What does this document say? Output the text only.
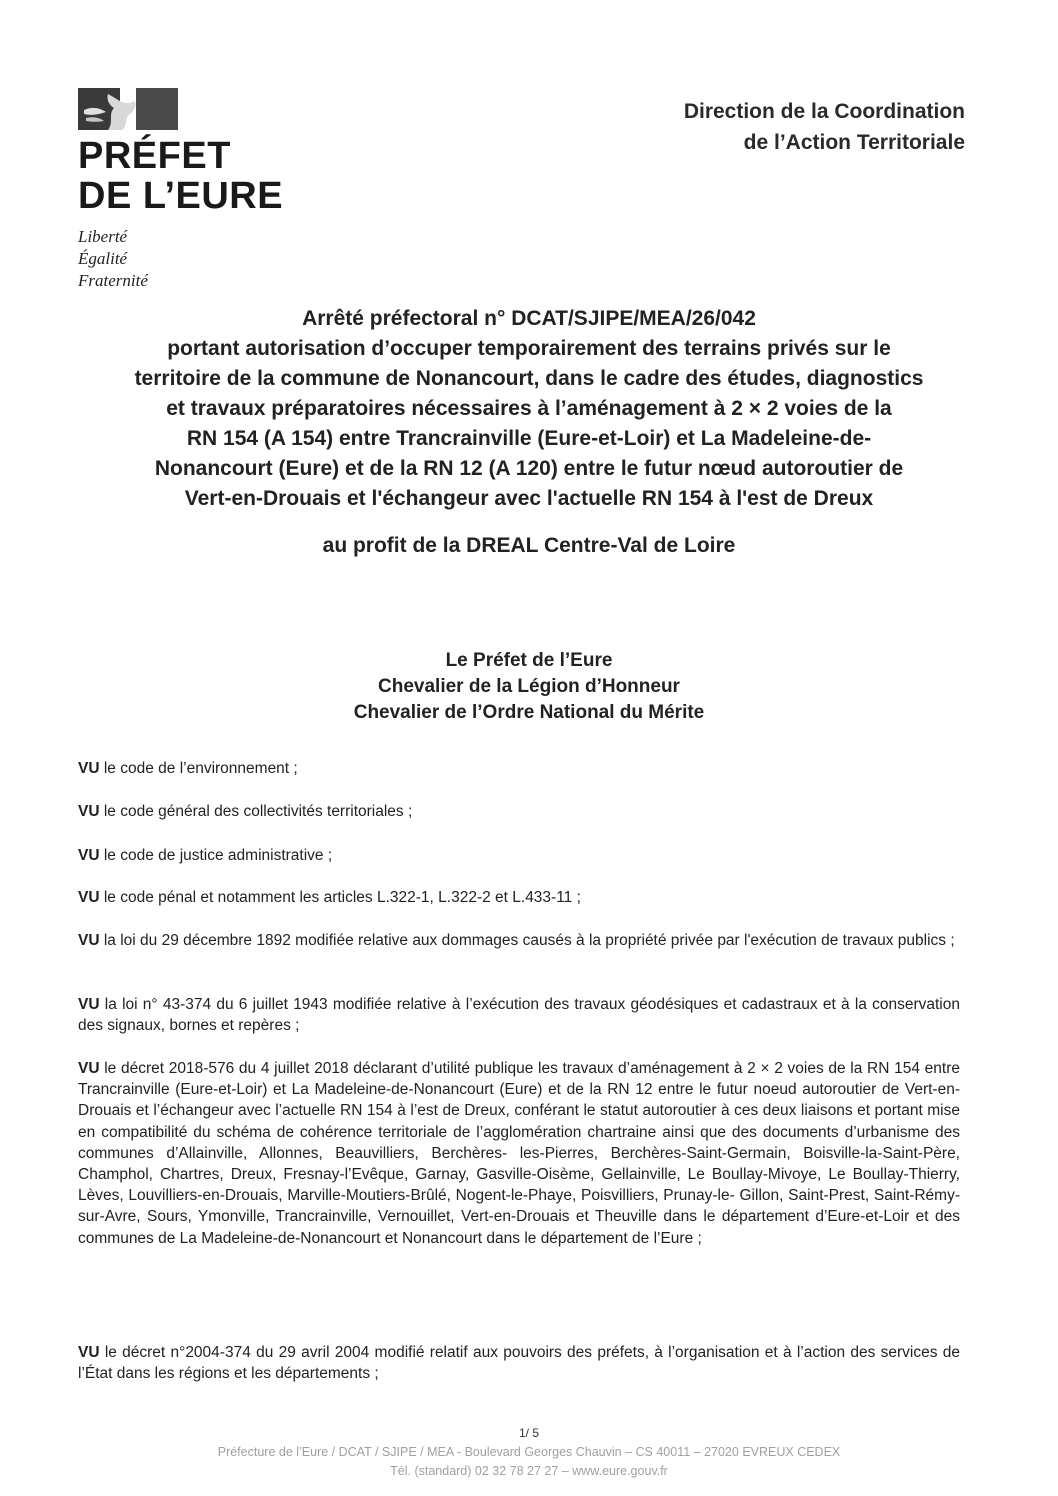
PRÉFET
DE L’EURE
Liberté
Égalité
Fraternité
Direction de la Coordination
de l’Action Territoriale
Arrêté préfectoral n° DCAT/SJIPE/MEA/26/042
portant autorisation d’occuper temporairement des terrains privés sur le
territoire de la commune de Nonancourt, dans le cadre des études, diagnostics
et travaux préparatoires nécessaires à l’aménagement à 2 × 2 voies de la
RN 154 (A 154) entre Trancrainville (Eure-et-Loir) et La Madeleine-de-
Nonancourt (Eure) et de la RN 12 (A 120) entre le futur nœud autoroutier de
Vert-en-Drouais et l'échangeur avec l'actuelle RN 154 à l'est de Dreux
au profit de la DREAL Centre-Val de Loire
Le Préfet de l’Eure
Chevalier de la Légion d’Honneur
Chevalier de l’Ordre National du Mérite
VU le code de l’environnement ;
VU le code général des collectivités territoriales ;
VU le code de justice administrative ;
VU le code pénal et notamment les articles L.322-1, L.322-2 et L.433-11 ;
VU la loi du 29 décembre 1892 modifiée relative aux dommages causés à la propriété privée par l'exécution de travaux publics ;
VU la loi n° 43-374 du 6 juillet 1943 modifiée relative à l’exécution des travaux géodésiques et cadastraux et à la conservation des signaux, bornes et repères ;
VU le décret 2018-576 du 4 juillet 2018 déclarant d’utilité publique les travaux d’aménagement à 2 × 2 voies de la RN 154 entre Trancrainville (Eure-et-Loir) et La Madeleine-de-Nonancourt (Eure) et de la RN 12 entre le futur noeud autoroutier de Vert-en-Drouais et l’échangeur avec l’actuelle RN 154 à l’est de Dreux, conférant le statut autoroutier à ces deux liaisons et portant mise en compatibilité du schéma de cohérence territoriale de l’agglomération chartraine ainsi que des documents d’urbanisme des communes d’Allainville, Allonnes, Beauvilliers, Berchères- les-Pierres, Berchères-Saint-Germain, Boisville-la-Saint-Père, Champhol, Chartres, Dreux, Fresnay-l’Evêque, Garnay, Gasville-Oisème, Gellainville, Le Boullay-Mivoye, Le Boullay-Thierry, Lèves, Louvilliers-en-Drouais, Marville-Moutiers-Brûlé, Nogent-le-Phaye, Poisvilliers, Prunay-le- Gillon, Saint-Prest, Saint-Rémy-sur-Avre, Sours, Ymonville, Trancrainville, Vernouillet, Vert-en-Drouais et Theuville dans le département d’Eure-et-Loir et des communes de La Madeleine-de-Nonancourt et Nonancourt dans le département de l’Eure ;
VU le décret n°2004-374 du 29 avril 2004 modifié relatif aux pouvoirs des préfets, à l’organisation et à l’action des services de l’État dans les régions et les départements ;
1/ 5
Préfecture de l’Eure / DCAT / SJIPE / MEA - Boulevard Georges Chauvin – CS 40011 – 27020 EVREUX CEDEX
Tél. (standard) 02 32 78 27 27 – www.eure.gouv.fr
